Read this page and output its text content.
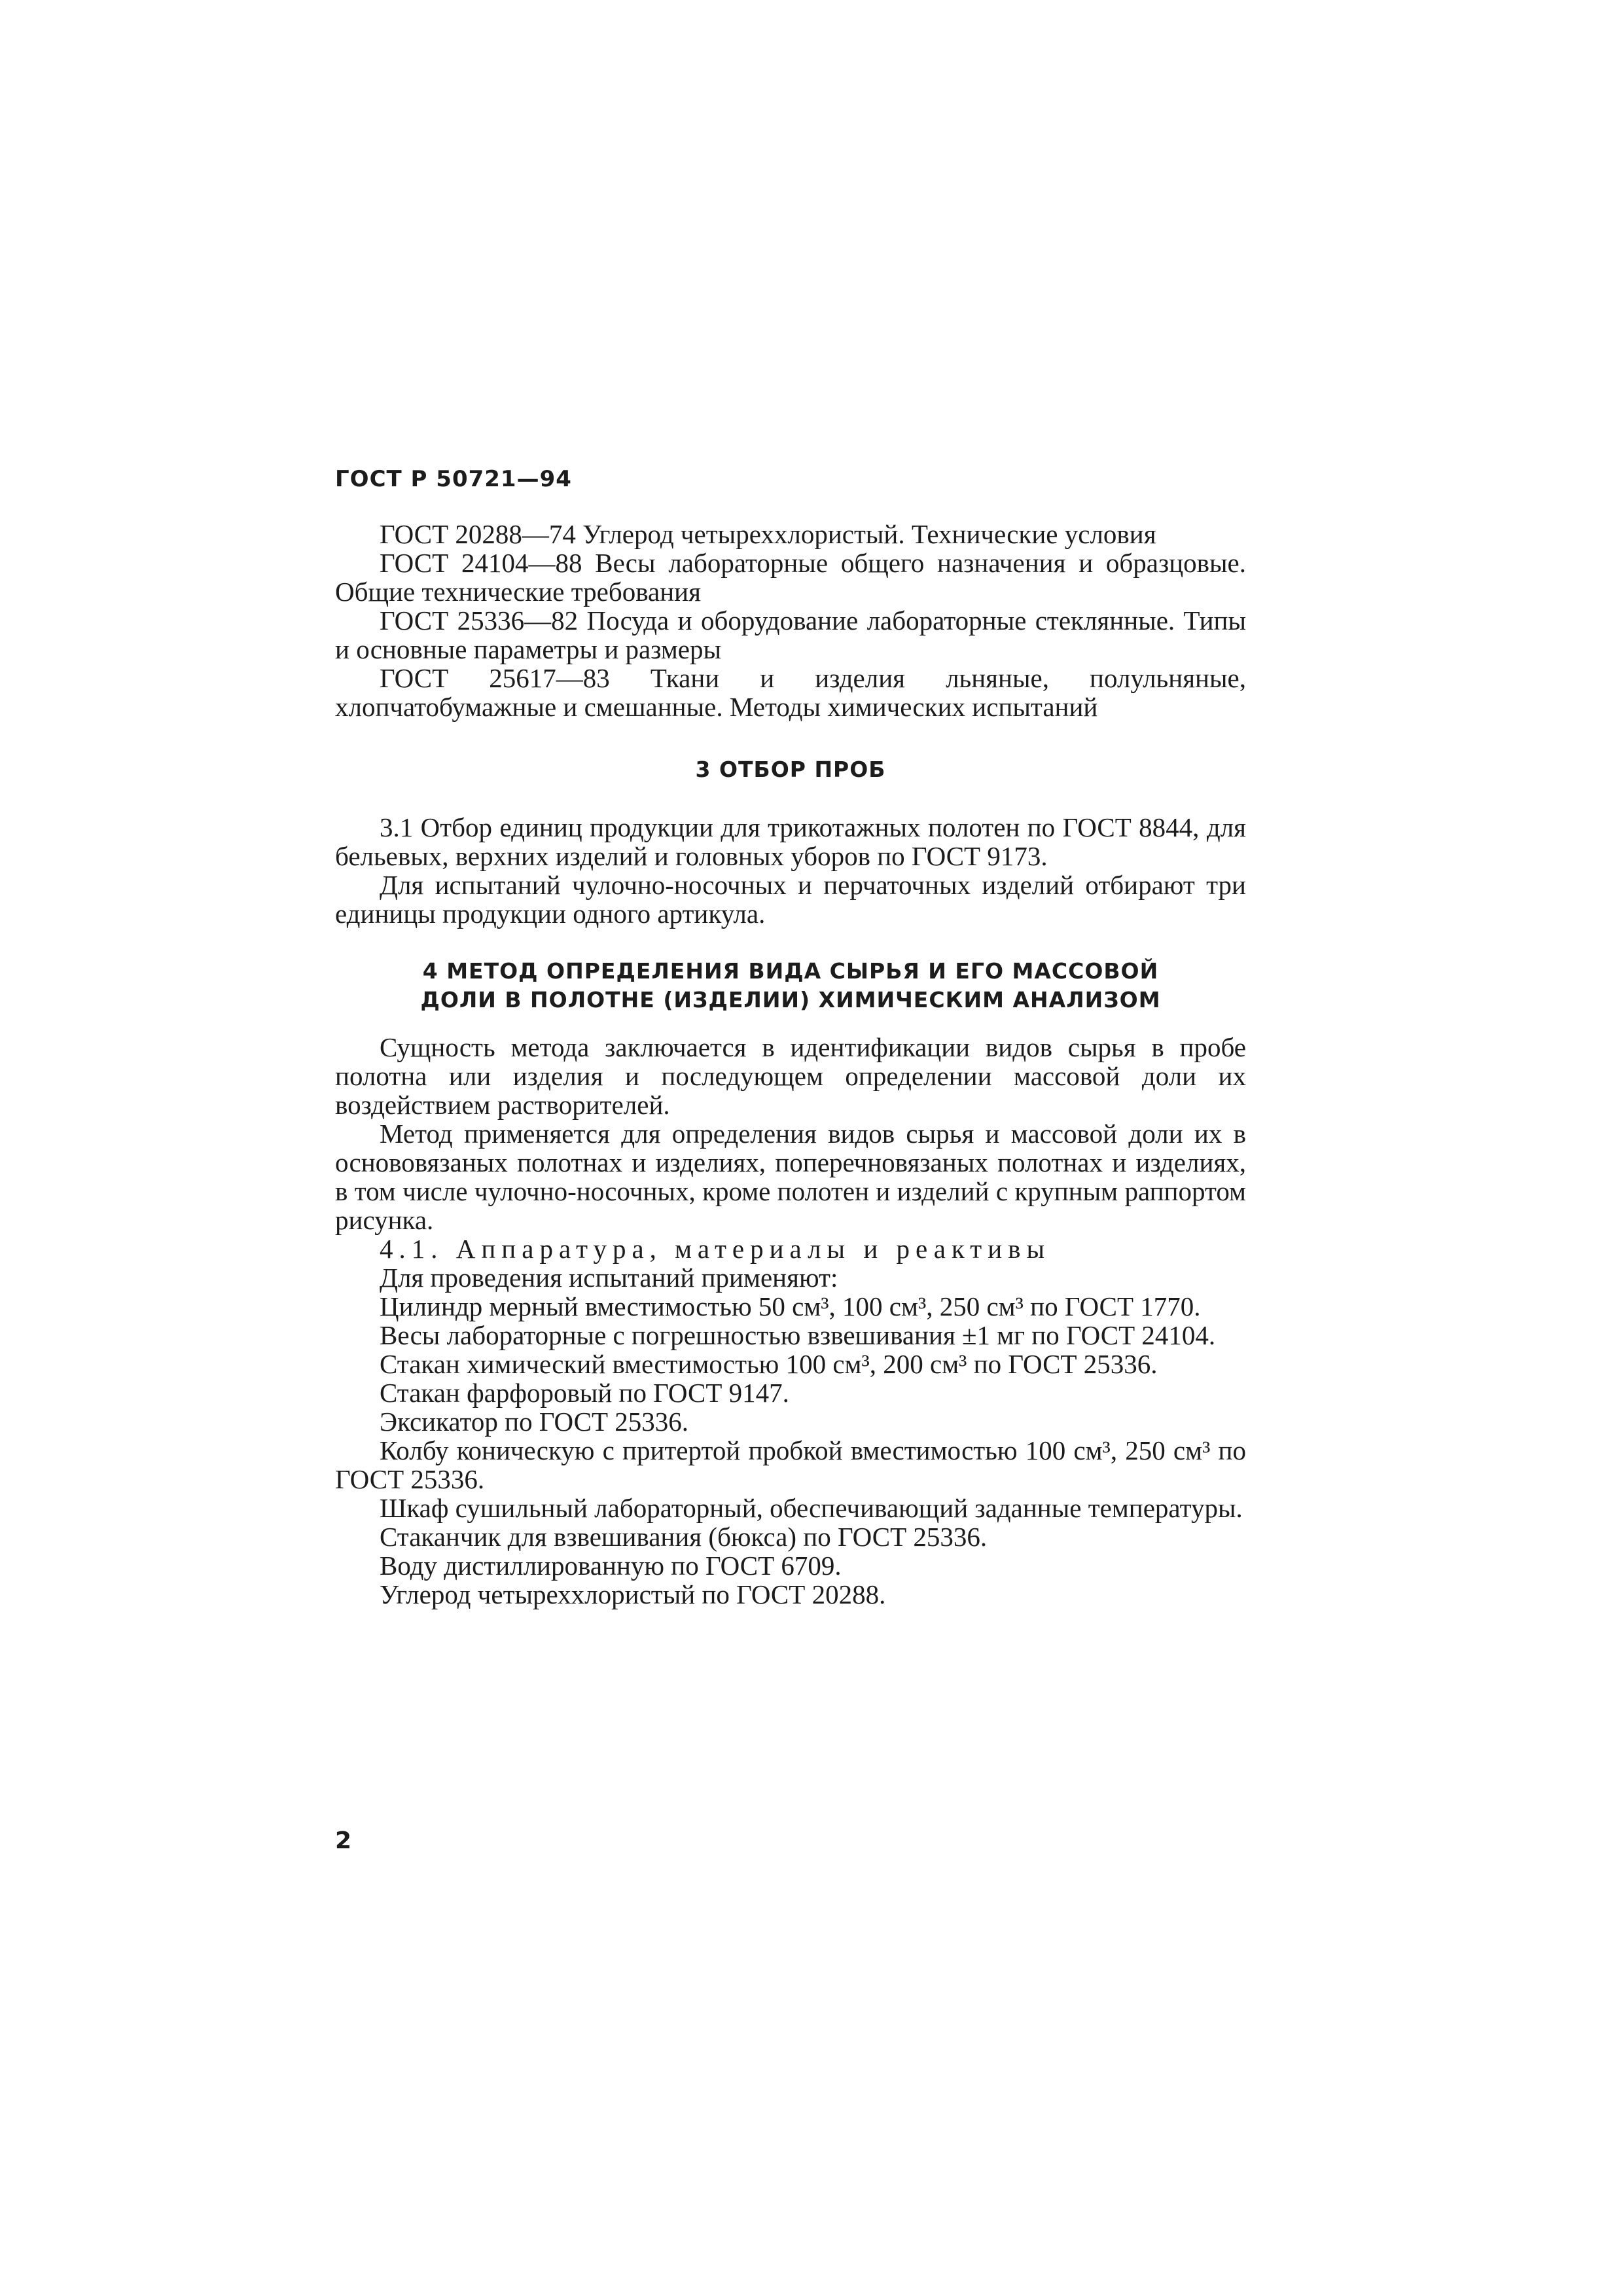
ГОСТ Р 50721—94

ГОСТ 20288—74 Углерод четыреххлористый. Технические условия

ГОСТ 24104—88 Весы лабораторные общего назначения и образцовые. Общие технические требования

ГОСТ 25336—82 Посуда и оборудование лабораторные стеклянные. Типы и основные параметры и размеры

ГОСТ 25617—83 Ткани и изделия льняные, полульняные, хлопчатобумажные и смешанные. Методы химических испытаний

3 ОТБОР ПРОБ

3.1 Отбор единиц продукции для трикотажных полотен по ГОСТ 8844, для бельевых, верхних изделий и головных уборов по ГОСТ 9173.

Для испытаний чулочно-носочных и перчаточных изделий отбирают три единицы продукции одного артикула.

4 МЕТОД ОПРЕДЕЛЕНИЯ ВИДА СЫРЬЯ И ЕГО МАССОВОЙ
ДОЛИ В ПОЛОТНЕ (ИЗДЕЛИИ) ХИМИЧЕСКИМ АНАЛИЗОМ

Сущность метода заключается в идентификации видов сырья в пробе полотна или изделия и последующем определении массовой доли их воздействием растворителей.

Метод применяется для определения видов сырья и массовой доли их в основовязаных полотнах и изделиях, поперечновязаных полотнах и изделиях, в том числе чулочно-носочных, кроме полотен и изделий с крупным раппортом рисунка.

4.1. Аппаратура, материалы и реактивы

Для проведения испытаний применяют:

Цилиндр мерный вместимостью 50 см³, 100 см³, 250 см³ по ГОСТ 1770.

Весы лабораторные с погрешностью взвешивания ±1 мг по ГОСТ 24104.

Стакан химический вместимостью 100 см³, 200 см³ по ГОСТ 25336.

Стакан фарфоровый по ГОСТ 9147.

Эксикатор по ГОСТ 25336.

Колбу коническую с притертой пробкой вместимостью 100 см³, 250 см³ по ГОСТ 25336.

Шкаф сушильный лабораторный, обеспечивающий заданные температуры.

Стаканчик для взвешивания (бюкса) по ГОСТ 25336.

Воду дистиллированную по ГОСТ 6709.

Углерод четыреххлористый по ГОСТ 20288.

2
